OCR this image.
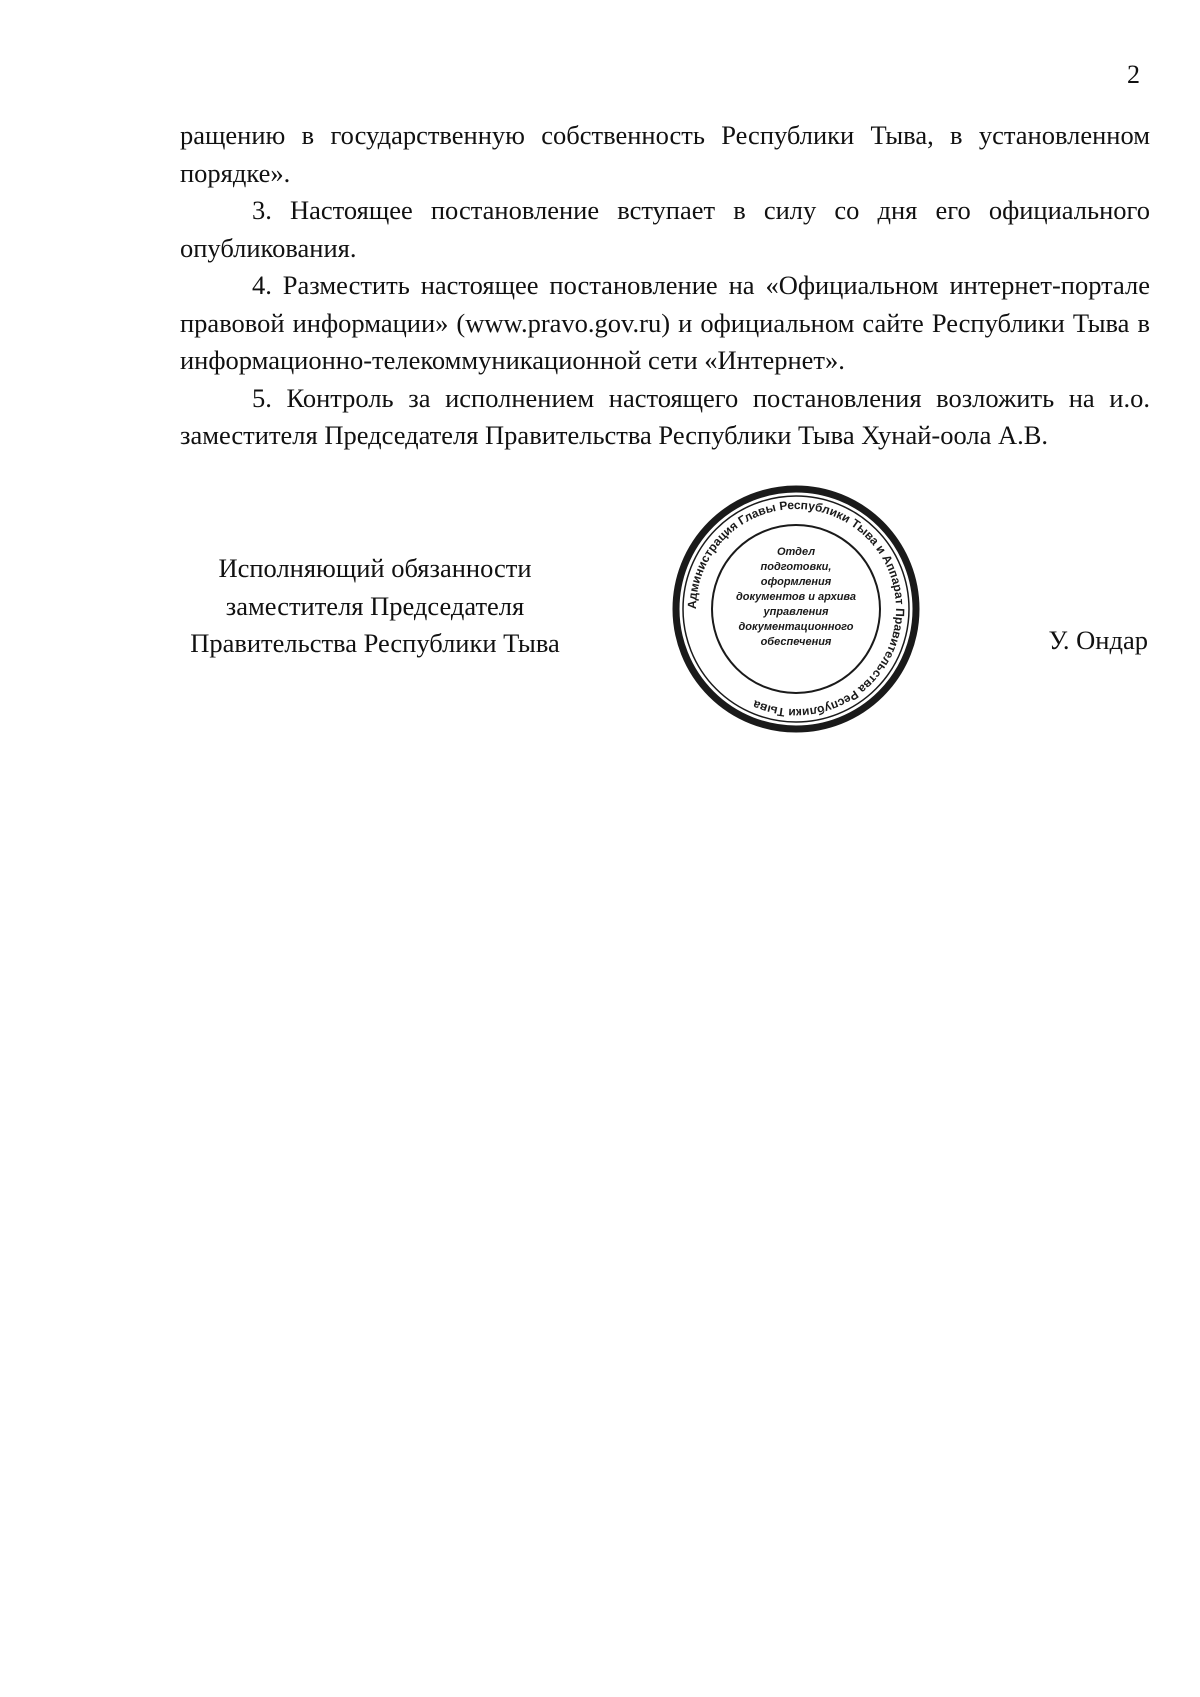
2

ращению в государственную собственность Республики Тыва, в установленном порядке».

3. Настоящее постановление вступает в силу со дня его официального опубликования.

4. Разместить настоящее постановление на «Официальном интернет-портале правовой информации» (www.pravo.gov.ru) и официальном сайте Республики Тыва в информационно-телекоммуникационной сети «Интернет».

5. Контроль за исполнением настоящего постановления возложить на и.о. заместителя Председателя Правительства Республики Тыва Хунай-оола А.В.

Исполняющий обязанности
заместителя Председателя
Правительства Республики Тыва	У. Ондар
Администрация Главы Республики Тыва и Аппарат Правительства Республики Тыва
Отдел
подготовки,
оформления
документов и архива
управления
документационного
обеспечения
